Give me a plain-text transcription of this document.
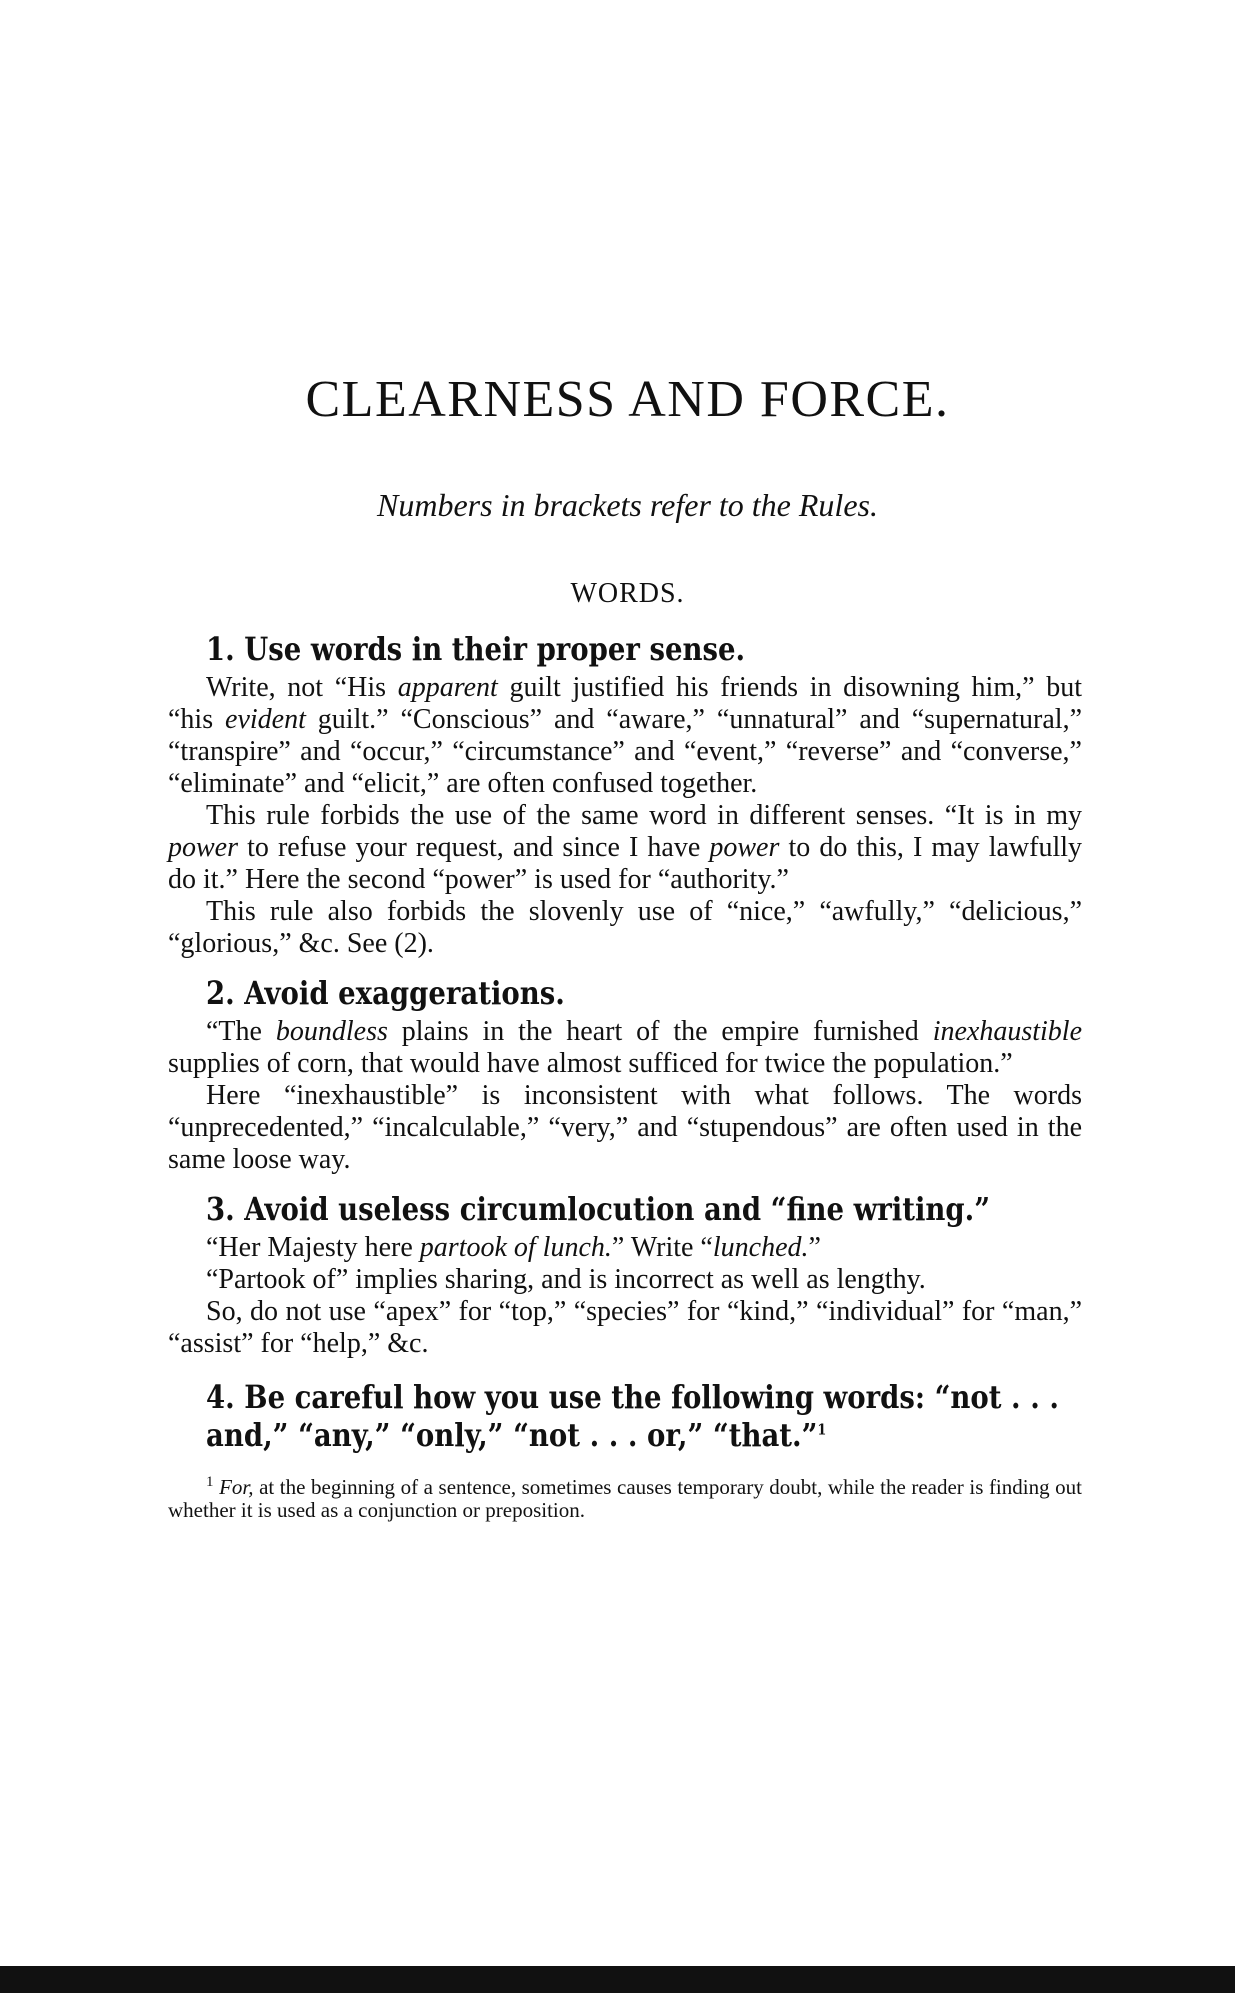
CLEARNESS AND FORCE.
Numbers in brackets refer to the Rules.
WORDS.
1. Use words in their proper sense.

Write, not “His apparent guilt justified his friends in disowning him,” but “his evident guilt.” “Conscious” and “aware,” “unnatural” and “supernatural,” “transpire” and “occur,” “circumstance” and “event,” “reverse” and “converse,” “eliminate” and “elicit,” are often confused together.

This rule forbids the use of the same word in different senses. “It is in my power to refuse your request, and since I have power to do this, I may lawfully do it.” Here the second “power” is used for “authority.”

This rule also forbids the slovenly use of “nice,” “awfully,” “delicious,” “glorious,” &c. See (2).

2. Avoid exaggerations.

“The boundless plains in the heart of the empire furnished inexhaustible supplies of corn, that would have almost sufficed for twice the population.”

Here “inexhaustible” is inconsistent with what follows. The words “unprecedented,” “incalculable,” “very,” and “stupendous” are often used in the same loose way.

3. Avoid useless circumlocution and “fine writing.”

“Her Majesty here partook of lunch.” Write “lunched.”

“Partook of” implies sharing, and is incorrect as well as lengthy.

So, do not use “apex” for “top,” “species” for “kind,” “individual” for “man,” “assist” for “help,” &c.

4. Be careful how you use the following words: “not . . . and,” “any,” “only,” “not . . . or,” “that.”$^1$

$^1$ For, at the beginning of a sentence, sometimes causes temporary doubt, while the reader is finding out whether it is used as a conjunction or preposition.
